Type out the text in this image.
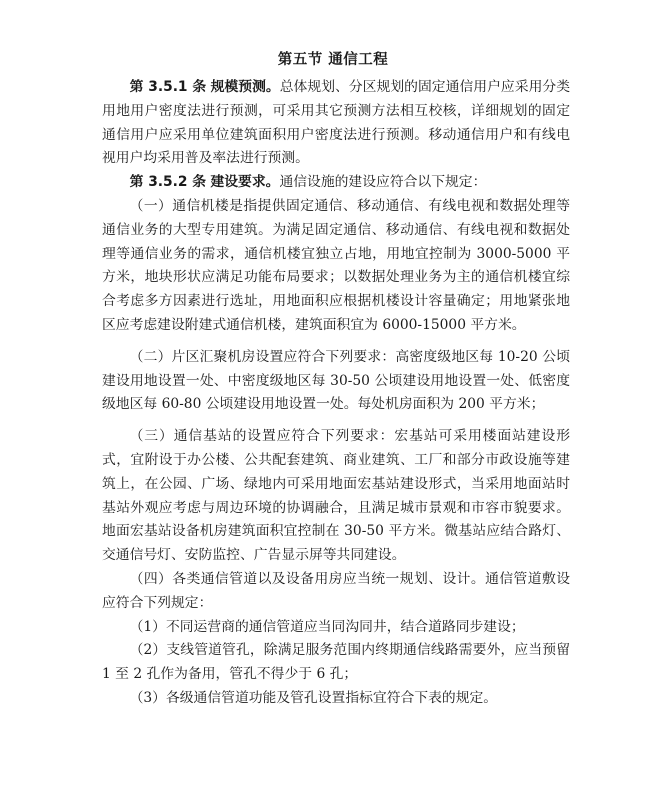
第五节 通信工程

第 3.5.1 条 规模预测。总体规划、分区规划的固定通信用户应采用分类用地用户密度法进行预测，可采用其它预测方法相互校核，详细规划的固定通信用户应采用单位建筑面积用户密度法进行预测。移动通信用户和有线电视用户均采用普及率法进行预测。

第 3.5.2 条 建设要求。通信设施的建设应符合以下规定：

（一）通信机楼是指提供固定通信、移动通信、有线电视和数据处理等通信业务的大型专用建筑。为满足固定通信、移动通信、有线电视和数据处理等通信业务的需求，通信机楼宜独立占地，用地宜控制为 3000-5000 平方米，地块形状应满足功能布局要求；以数据处理业务为主的通信机楼宜综合考虑多方因素进行选址，用地面积应根据机楼设计容量确定；用地紧张地区应考虑建设附建式通信机楼，建筑面积宜为 6000-15000 平方米。

（二）片区汇聚机房设置应符合下列要求：高密度级地区每 10-20 公顷建设用地设置一处、中密度级地区每 30-50 公顷建设用地设置一处、低密度级地区每 60-80 公顷建设用地设置一处。每处机房面积为 200 平方米；

（三）通信基站的设置应符合下列要求：宏基站可采用楼面站建设形式，宜附设于办公楼、公共配套建筑、商业建筑、工厂和部分市政设施等建筑上，在公园、广场、绿地内可采用地面宏基站建设形式，当采用地面站时基站外观应考虑与周边环境的协调融合，且满足城市景观和市容市貌要求。地面宏基站设备机房建筑面积宜控制在 30-50 平方米。微基站应结合路灯、交通信号灯、安防监控、广告显示屏等共同建设。

（四）各类通信管道以及设备用房应当统一规划、设计。通信管道敷设应符合下列规定：

（1）不同运营商的通信管道应当同沟同井，结合道路同步建设；

（2）支线管道管孔，除满足服务范围内终期通信线路需要外，应当预留 1 至 2 孔作为备用，管孔不得少于 6 孔；

（3）各级通信管道功能及管孔设置指标宜符合下表的规定。
